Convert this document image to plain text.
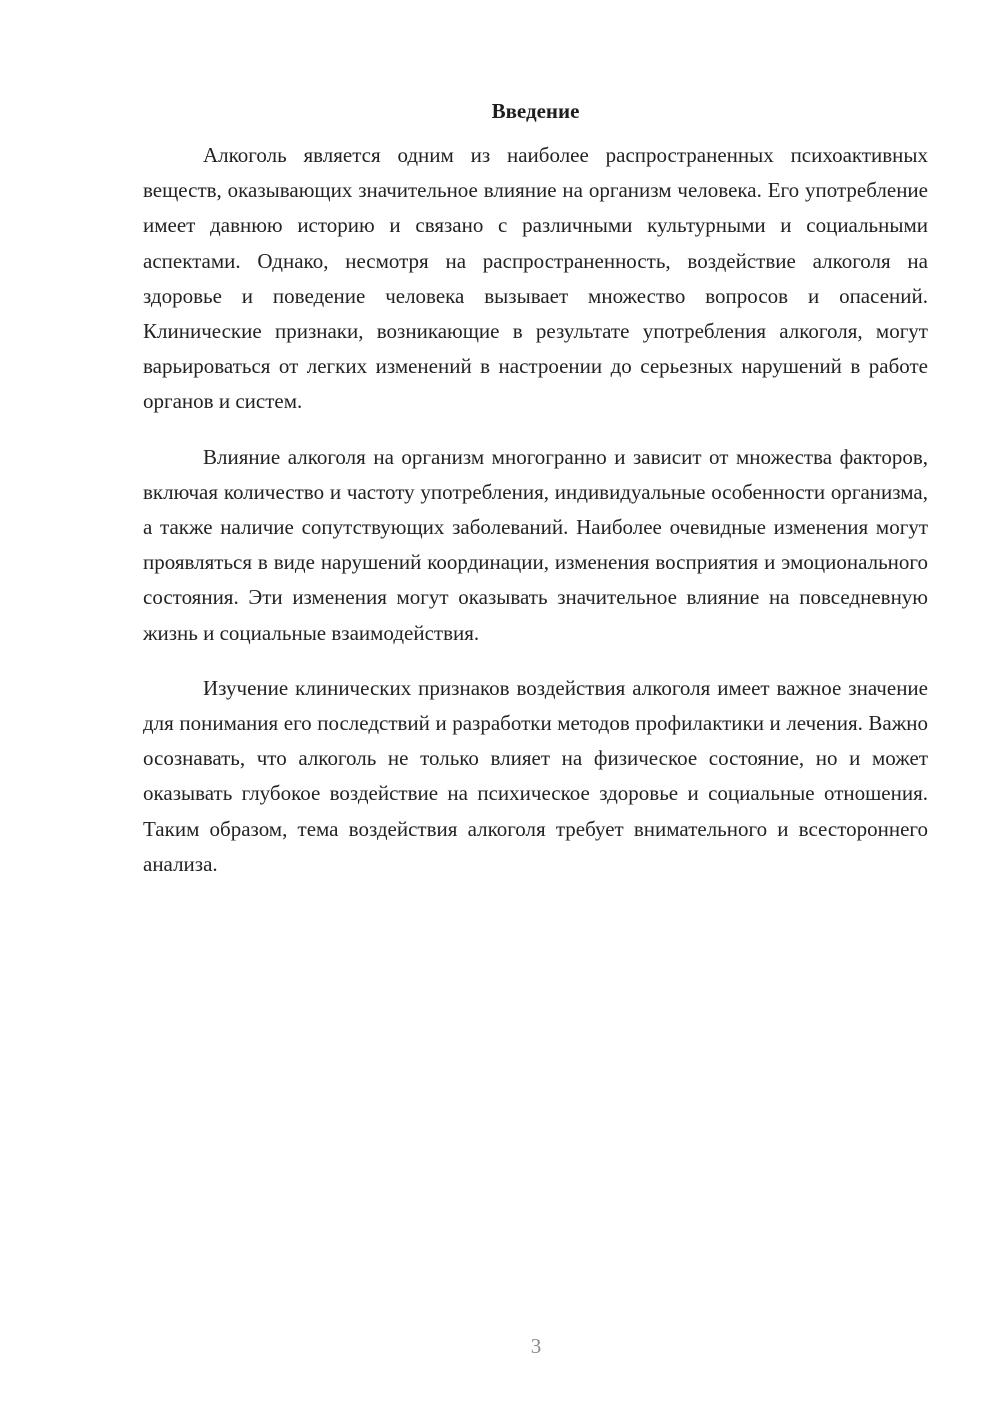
Введение

Алкоголь является одним из наиболее распространенных психоактивных веществ, оказывающих значительное влияние на организм человека. Его употребление имеет давнюю историю и связано с различными культурными и социальными аспектами. Однако, несмотря на распространенность, воздействие алкоголя на здоровье и поведение человека вызывает множество вопросов и опасений. Клинические признаки, возникающие в результате употребления алкоголя, могут варьироваться от легких изменений в настроении до серьезных нарушений в работе органов и систем.

Влияние алкоголя на организм многогранно и зависит от множества факторов, включая количество и частоту употребления, индивидуальные особенности организма, а также наличие сопутствующих заболеваний. Наиболее очевидные изменения могут проявляться в виде нарушений координации, изменения восприятия и эмоционального состояния. Эти изменения могут оказывать значительное влияние на повседневную жизнь и социальные взаимодействия.

Изучение клинических признаков воздействия алкоголя имеет важное значение для понимания его последствий и разработки методов профилактики и лечения. Важно осознавать, что алкоголь не только влияет на физическое состояние, но и может оказывать глубокое воздействие на психическое здоровье и социальные отношения. Таким образом, тема воздействия алкоголя требует внимательного и всестороннего анализа.

3
